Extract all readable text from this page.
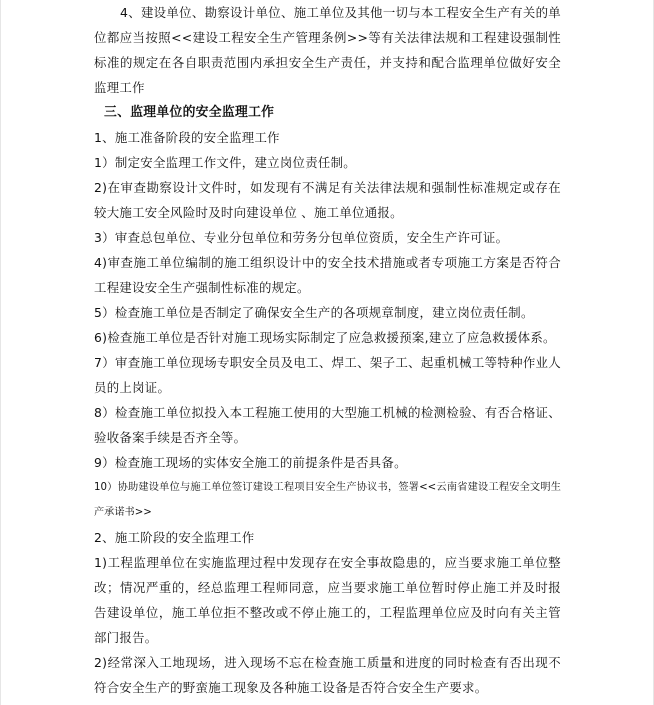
4、建设单位、勘察设计单位、施工单位及其他一切与本工程安全生产有关的单位都应当按照<<建设工程安全生产管理条例>>等有关法律法规和工程建设强制性标准的规定在各自职责范围内承担安全生产责任，并支持和配合监理单位做好安全监理工作

三、监理单位的安全监理工作

1、施工准备阶段的安全监理工作

1）制定安全监理工作文件，建立岗位责任制。

2)在审查勘察设计文件时，如发现有不满足有关法律法规和强制性标准规定或存在较大施工安全风险时及时向建设单位 、施工单位通报。

3）审查总包单位、专业分包单位和劳务分包单位资质，安全生产许可证。

4)审查施工单位编制的施工组织设计中的安全技术措施或者专项施工方案是否符合工程建设安全生产强制性标准的规定。

5）检查施工单位是否制定了确保安全生产的各项规章制度，建立岗位责任制。

6)检查施工单位是否针对施工现场实际制定了应急救援预案,建立了应急救援体系。

7）审查施工单位现场专职安全员及电工、焊工、架子工、起重机械工等特种作业人员的上岗证。

8）检查施工单位拟投入本工程施工使用的大型施工机械的检测检验、有否合格证、验收备案手续是否齐全等。

9）检查施工现场的实体安全施工的前提条件是否具备。

10）协助建设单位与施工单位签订建设工程项目安全生产协议书，签署<<云南省建设工程安全文明生产承诺书>>

2、施工阶段的安全监理工作

1)工程监理单位在实施监理过程中发现存在安全事故隐患的，应当要求施工单位整改；情况严重的，经总监理工程师同意，应当要求施工单位暂时停止施工并及时报告建设单位，施工单位拒不整改或不停止施工的，工程监理单位应及时向有关主管部门报告。

2)经常深入工地现场，进入现场不忘在检查施工质量和进度的同时检查有否出现不符合安全生产的野蛮施工现象及各种施工设备是否符合安全生产要求。
